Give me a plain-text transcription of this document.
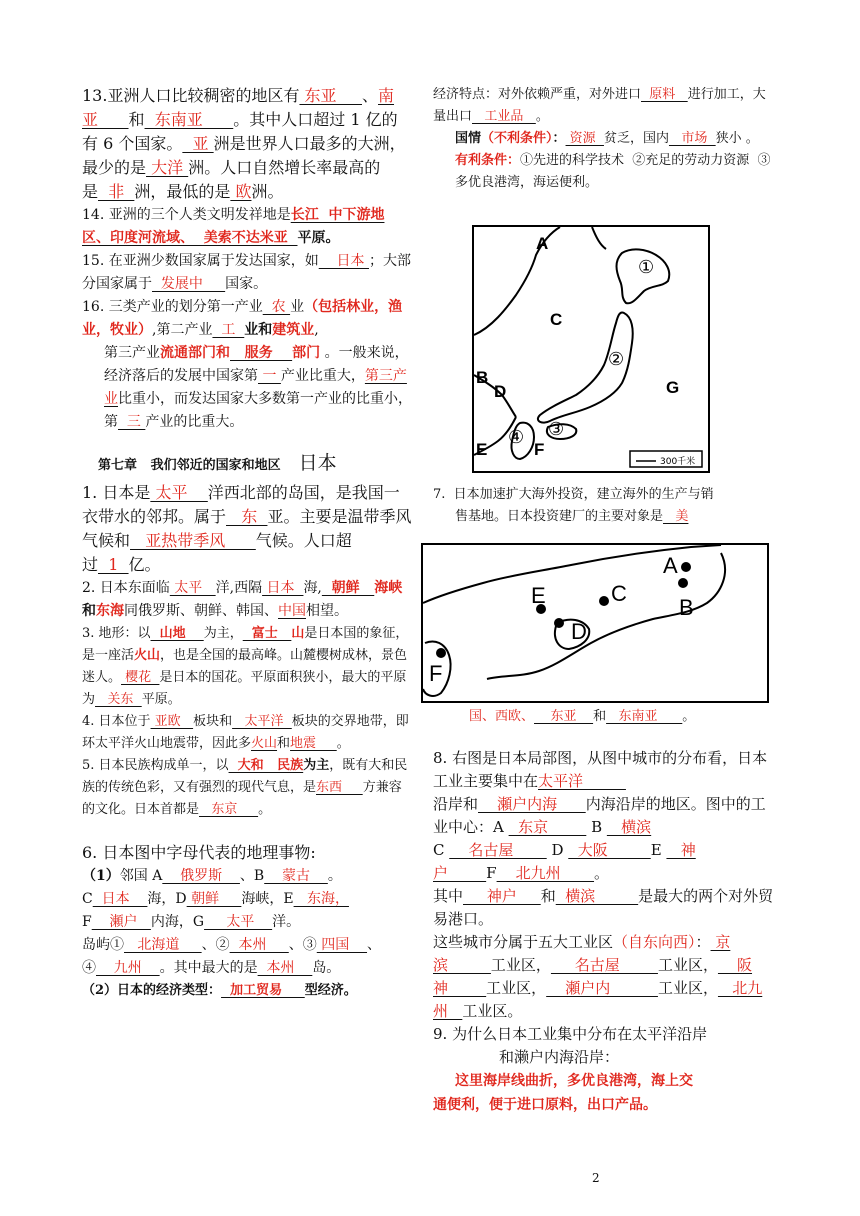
13.亚洲人口比较稠密的地区有 东亚     、南亚      和  东南亚      。其中人口超过 1 亿的有 6 个国家。  亚 洲是世界人口最多的大洲，最少的是 大洋 洲。人口自然增长率最高的是  非  洲，最低的是 欧洲。

14. 亚洲的三个人类文明发祥地是长江  中下游地区、印度河流域、  美索不达米亚  平原。

15. 在亚洲少数国家属于发达国家，如    日本 ；大部分国家属于  发展中     国家。

16. 三类产业的划分第一产业  农 业（包括林业，渔业，牧业）,第二产业  工  业和建筑业,

第三产业流通部门和   服务    部门 。一般来说，经济落后的发展中国家第 一 产业比重大，第三产业比重小，而发达国家大多数第一产业的比重小，第  三 产业的比重大。

第七章   我们邻近的国家和地区 日本

1. 日本是 太平    洋西北部的岛国，是我国一衣带水的邻邦。属于   东  亚。主要是温带季风气候和   亚热带季风      气候。人口超过  1  亿。

2. 日本东面临 太平   洋,西隔 日本  海,  朝鲜   海峡和东海同俄罗斯、朝鲜、韩国、中国相望。

3. 地形：以  山地    为主，  富士   山是日本国的象征，是一座活火山，也是全国的最高峰。山麓樱树成林，景色迷人。 樱花  是日本的国花。平原面积狭小，最大的平原为   关东  平原。

4. 日本位于 亚欧   板块和   太平洋  板块的交界地带，即环太平洋火山地震带，因此多火山和地震     。

5. 日本民族构成单一，以  大和   民族为主，既有大和民族的传统色彩，又有强烈的现代气息，是东西     方兼容的文化。日本首都是   东京     。

6. 日本图中字母代表的地理事物:

（1）邻国 A    俄罗斯    、B    蒙古    。
C  日本    海，D 朝鲜     海峡，E   东海，
F    瀬户   内海，G     太平    洋。
岛屿①   北海道     、②  本州     、③ 四国    、④    九州    。其中最大的是  本州    岛。

（2）日本的经济类型：  加工贸易     型经济。

经济特点：对外依赖严重，对外进口  原料   进行加工，大量出口   工业品   。

国情（不利条件）： 资源  贫乏，国内   市场  狭小 。

有利条件：①先进的科学技术  ②充足的劳动力资源  ③多优良港湾，海运便利。

A
C
B
D	G
E	F
①
②
③
④
300千米

7.  日本加速扩大海外投资，建立海外的生产与销

售基地。日本投资建厂的主要对象是   美

A
B
C
D
E
F

国、西欧、    东亚    和   东南亚      。

8. 右图是日本局部图，从图中城市的分布看，日本工业主要集中在太平洋
沿岸和    瀬户内海      内海沿岸的地区。图中的工业中心：A   东京         B    横滨
C     名古屋        D   大阪         E    神户        F    北九州       。
其中     神户     和  横滨         是最大的两个对外贸易港口。
这些城市分属于五大工业区（自东向西）： 京滨         工业区，     名古屋        工业区，    阪神        工业区，    瀬户内          工业区，   北九州   工业区。

9. 为什么日本工业集中分布在太平洋沿岸

和濑户内海沿岸：

这里海岸线曲折，多优良港湾，海上交

通便利，便于进口原料，出口产品。

2
